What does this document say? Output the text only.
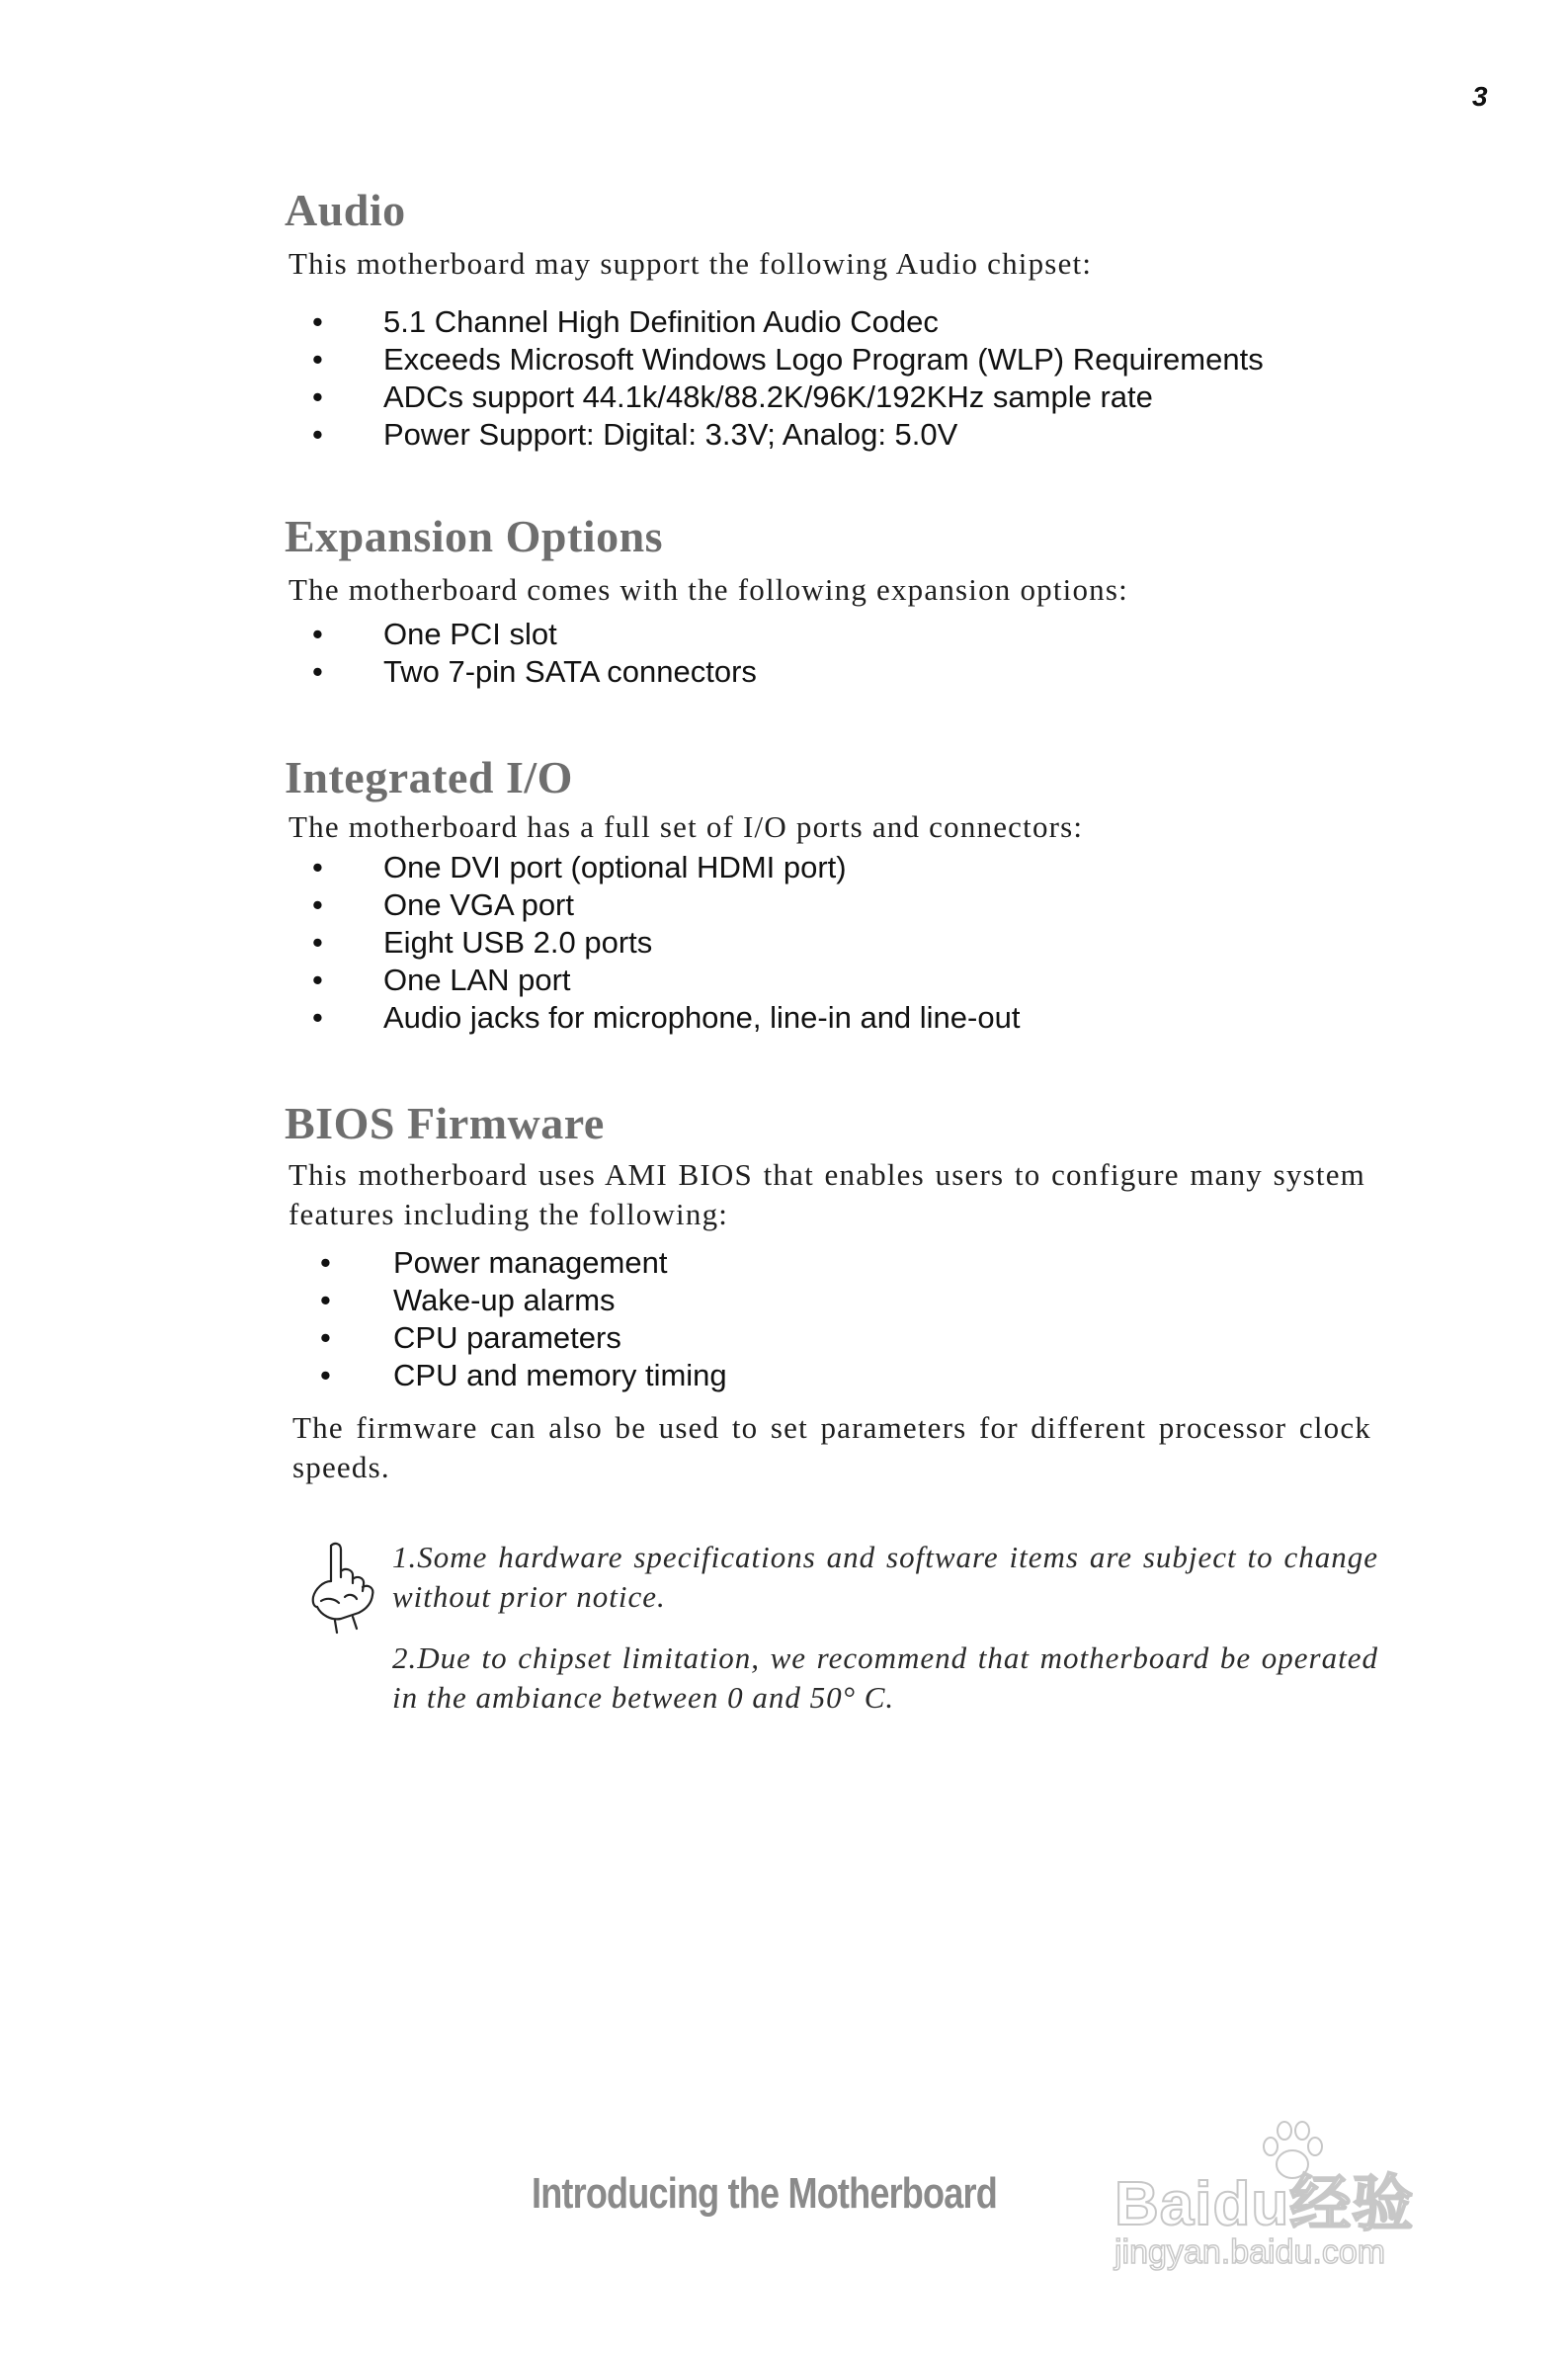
3
Audio

This motherboard may support the following Audio chipset:

• 5.1 Channel High Definition Audio Codec
• Exceeds Microsoft Windows Logo Program (WLP) Requirements
• ADCs support 44.1k/48k/88.2K/96K/192KHz sample rate
• Power Support: Digital: 3.3V; Analog: 5.0V
Expansion Options

The motherboard comes with the following expansion options:

• One PCI slot
• Two 7-pin SATA connectors
Integrated I/O

The motherboard has a full set of I/O ports and connectors:

• One DVI port (optional HDMI port)
• One VGA port
• Eight USB 2.0 ports
• One LAN port
• Audio jacks for microphone, line-in and line-out
BIOS Firmware

This motherboard uses AMI BIOS that enables users to configure many system features including the following:

• Power management
• Wake-up alarms
• CPU parameters
• CPU and memory timing

The firmware can also be used to set parameters for different processor clock speeds.

1.Some hardware specifications and software items are subject to change without prior notice.

2.Due to chipset limitation, we recommend that motherboard be operated in the ambiance between 0 and 50° C.

Introducing the Motherboard Baidu经验
jingyan.baidu.com
